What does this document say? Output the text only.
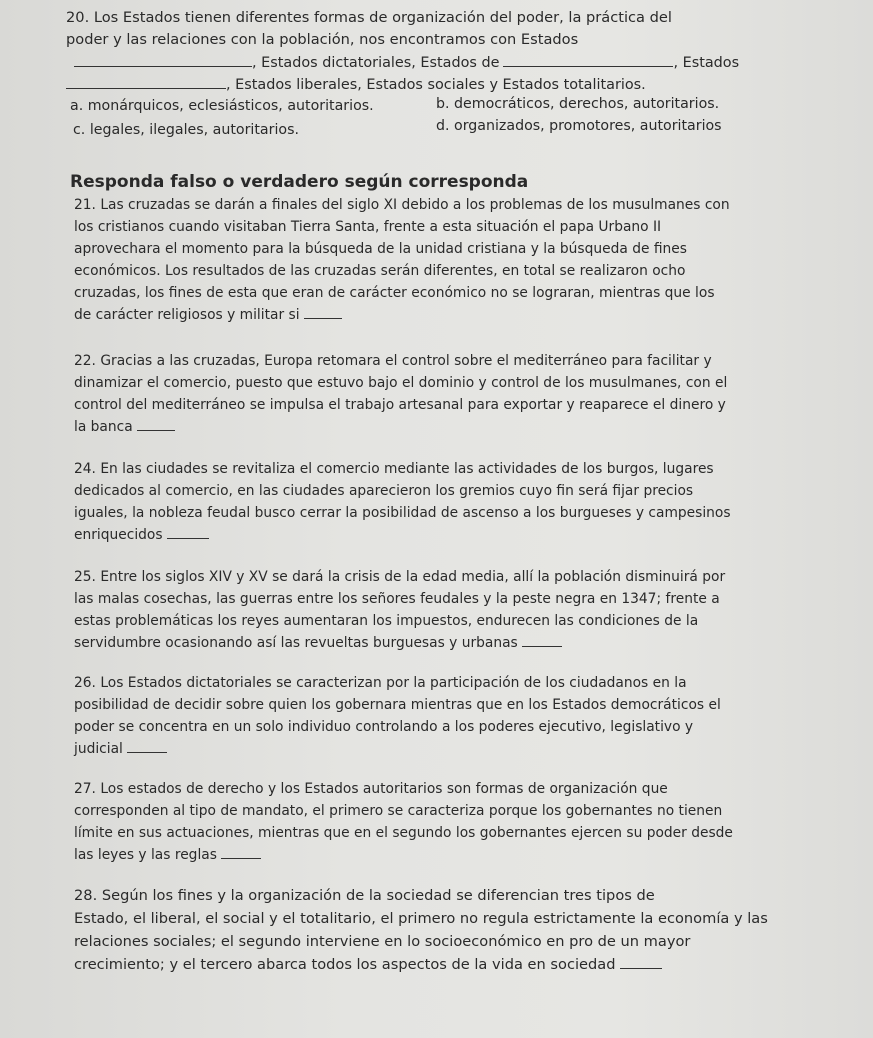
20. Los Estados tienen diferentes formas de organización del poder, la práctica del
poder y las relaciones con la población, nos encontramos con Estados
, Estados dictatoriales, Estados de	, Estados
, Estados liberales, Estados sociales y Estados totalitarios.
a. monárquicos, eclesiásticos, autoritarios.	b. democráticos, derechos, autoritarios.
c. legales, ilegales, autoritarios.	d. organizados, promotores, autoritarios
Responda falso o verdadero según corresponda

21. Las cruzadas se darán a finales del siglo XI debido a los problemas de los musulmanes con

los cristianos cuando visitaban Tierra Santa, frente a esta situación el papa Urbano II

aprovechara el momento para la búsqueda de la unidad cristiana y la búsqueda de fines

económicos. Los resultados de las cruzadas serán diferentes, en total se realizaron ocho

cruzadas, los fines de esta que eran de carácter económico no se lograran, mientras que los

de carácter religiosos y militar si

22. Gracias a las cruzadas, Europa retomara el control sobre el mediterráneo para facilitar y

dinamizar el comercio, puesto que estuvo bajo el dominio y control de los musulmanes, con el

control del mediterráneo se impulsa el trabajo artesanal para exportar y reaparece el dinero y

la banca

24. En las ciudades se revitaliza el comercio mediante las actividades de los burgos, lugares

dedicados al comercio, en las ciudades aparecieron los gremios cuyo fin será fijar precios

iguales, la nobleza feudal busco cerrar la posibilidad de ascenso a los burgueses y campesinos

enriquecidos

25. Entre los siglos XIV y XV se dará la crisis de la edad media, allí la población disminuirá por

las malas cosechas, las guerras entre los señores feudales y la peste negra en 1347; frente a

estas problemáticas los reyes aumentaran los impuestos, endurecen las condiciones de la

servidumbre ocasionando así las revueltas burguesas y urbanas

26. Los Estados dictatoriales se caracterizan por la participación de los ciudadanos en la

posibilidad de decidir sobre quien los gobernara mientras que en los Estados democráticos el

poder se concentra en un solo individuo controlando a los poderes ejecutivo, legislativo y

judicial

27. Los estados de derecho y los Estados autoritarios son formas de organización que

corresponden al tipo de mandato, el primero se caracteriza porque los gobernantes no tienen

límite en sus actuaciones, mientras que en el segundo los gobernantes ejercen su poder desde

las leyes y las reglas

28. Según los fines y la organización de la sociedad se diferencian tres tipos de

Estado, el liberal, el social y el totalitario, el primero no regula estrictamente la economía y las

relaciones sociales; el segundo interviene en lo socioeconómico en pro de un mayor

crecimiento; y el tercero abarca todos los aspectos de la vida en sociedad
